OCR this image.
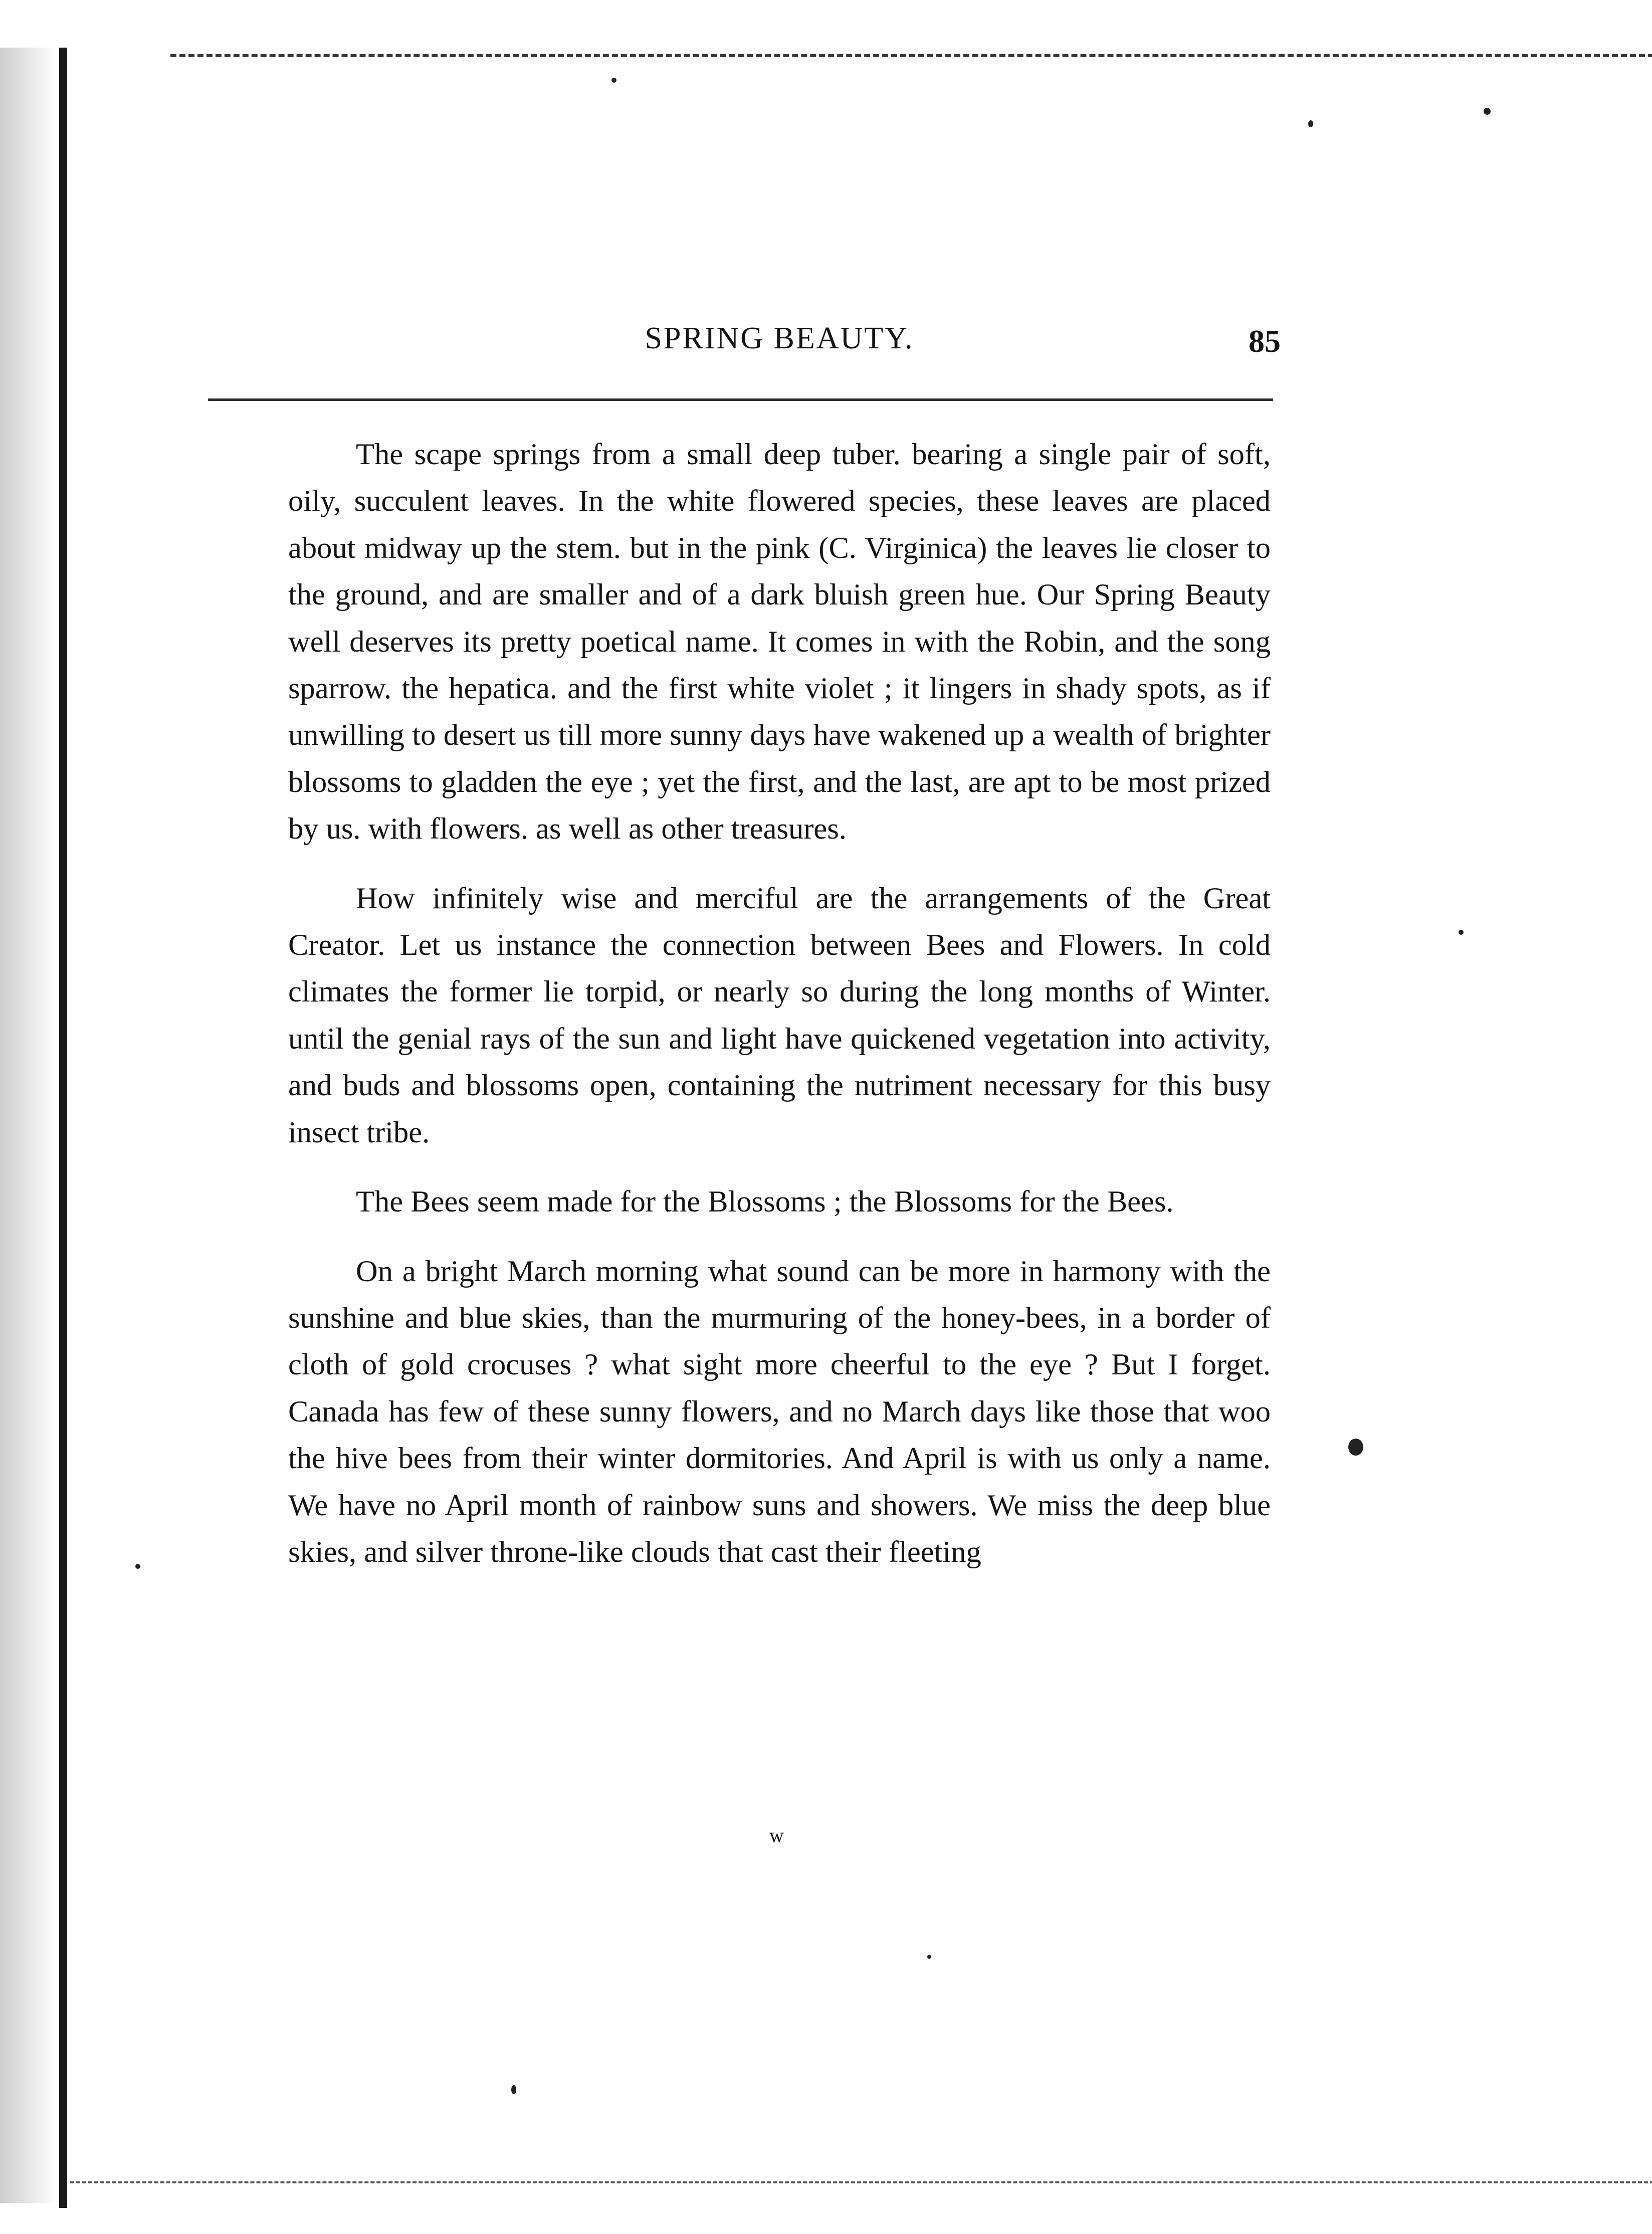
SPRING BEAUTY.	85

The scape springs from a small deep tuber. bearing a single pair of soft, oily, succulent leaves. In the white flowered species, these leaves are placed about midway up the stem. but in the pink (C. Virginica) the leaves lie closer to the ground, and are smaller and of a dark bluish green hue. Our Spring Beauty well deserves its pretty poetical name. It comes in with the Robin, and the song sparrow. the hepatica. and the first white violet ; it lingers in shady spots, as if unwilling to desert us till more sunny days have wakened up a wealth of brighter blossoms to gladden the eye ; yet the first, and the last, are apt to be most prized by us. with flowers. as well as other treasures.

How infinitely wise and merciful are the arrangements of the Great Creator. Let us instance the connection between Bees and Flowers. In cold climates the former lie torpid, or nearly so during the long months of Winter. until the genial rays of the sun and light have quickened vegetation into activity, and buds and blossoms open, containing the nutriment necessary for this busy insect tribe.

The Bees seem made for the Blossoms ; the Blossoms for the Bees.

On a bright March morning what sound can be more in harmony with the sunshine and blue skies, than the murmuring of the honey-bees, in a border of cloth of gold crocuses ? what sight more cheerful to the eye ? But I forget. Canada has few of these sunny flowers, and no March days like those that woo the hive bees from their winter dormitories. And April is with us only a name. We have no April month of rainbow suns and showers. We miss the deep blue skies, and silver throne-like clouds that cast their fleeting

w
